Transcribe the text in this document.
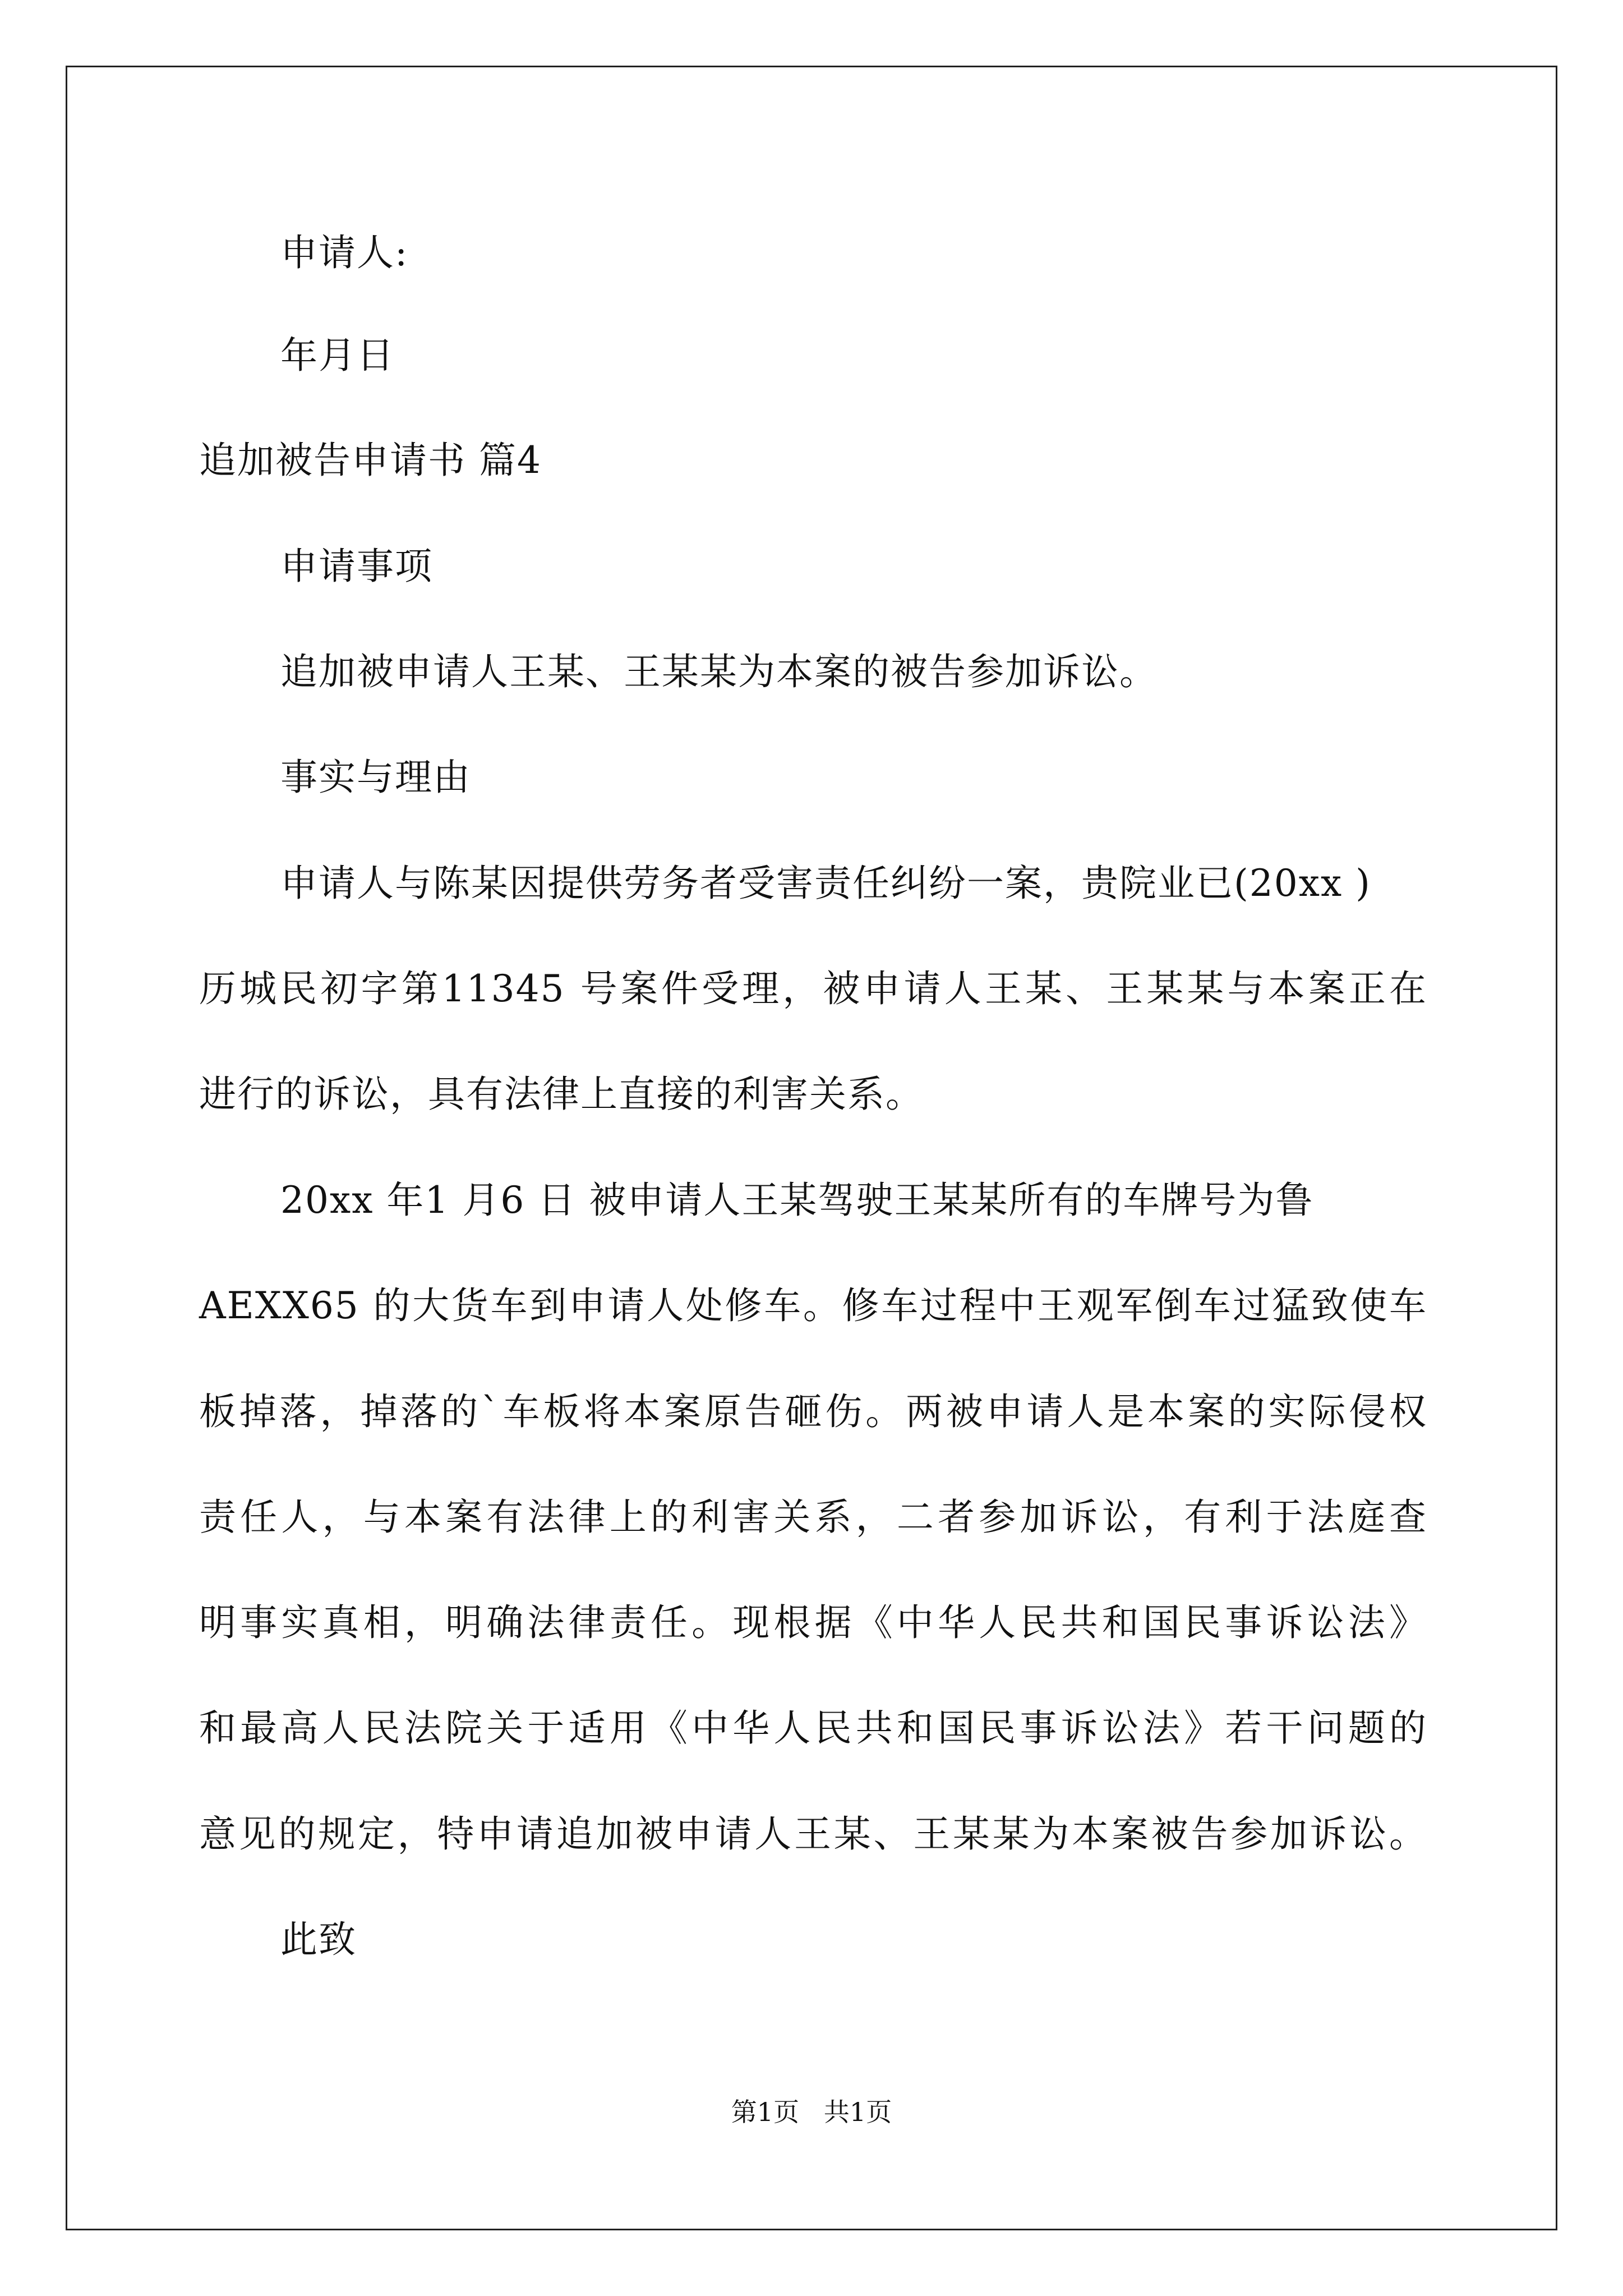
申请人:
年月日
追加被告申请书 篇4
申请事项
追加被申请人王某、王某某为本案的被告参加诉讼。
事实与理由
申请人与陈某因提供劳务者受害责任纠纷一案，贵院业已(20xx )
历城民初字第11345 号案件受理，被申请人王某、王某某与本案正在
进行的诉讼，具有法律上直接的利害关系。
20xx 年1 月6 日 被申请人王某驾驶王某某所有的车牌号为鲁
AEXX65 的大货车到申请人处修车。修车过程中王观军倒车过猛致使车
板掉落，掉落的`车板将本案原告砸伤。两被申请人是本案的实际侵权
责任人，与本案有法律上的利害关系，二者参加诉讼，有利于法庭查
明事实真相，明确法律责任。现根据《中华人民共和国民事诉讼法》
和最高人民法院关于适用《中华人民共和国民事诉讼法》若干问题的
意见的规定，特申请追加被申请人王某、王某某为本案被告参加诉讼。
此致
第1页   共1页
